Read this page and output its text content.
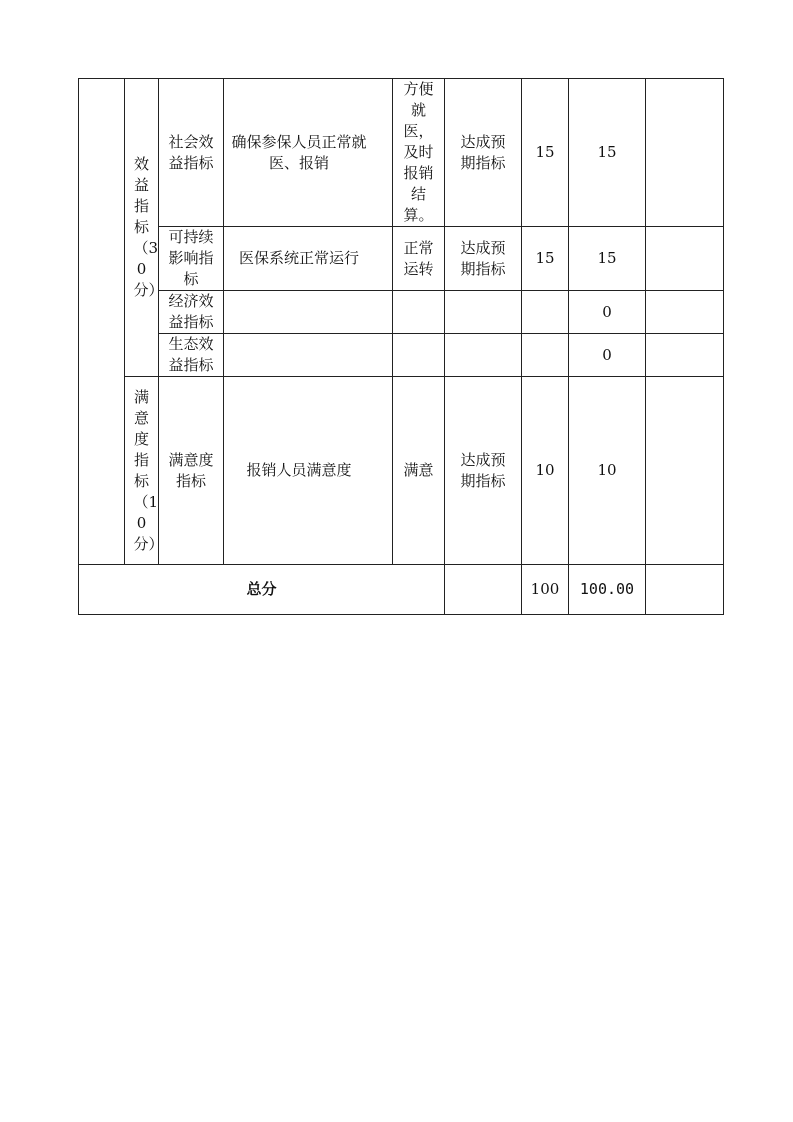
	效益指标（30分）	社会效益指标	确保参保人员正常就医、报销	方便就医，及时报销结算。	达成预期指标	15	15	

		可持续影响指标	医保系统正常运行	正常运转	达成预期指标	15	15	

		经济效益指标					0	

		生态效益指标					0	

	满意度指标（10分）	满意度指标	报销人员满意度	满意	达成预期指标	10	10	
总分						100	100.00	
